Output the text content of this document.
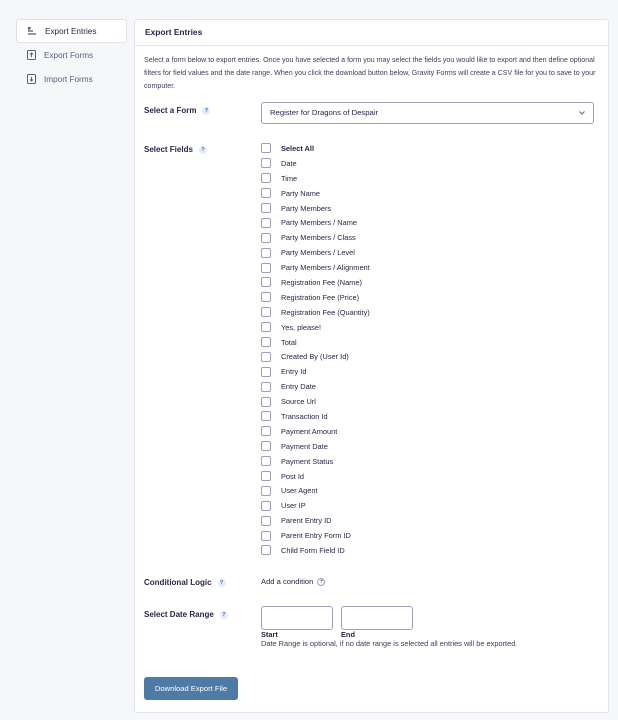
Export Entries
Export Forms
Import Forms
Export Entries
Select a form below to export entries. Once you have selected a form you may select the fields you would like to export and then define optional filters for field values and the date range. When you click the download button below, Gravity Forms will create a CSV file for you to save to your computer.
Select a Form	?	Register for Dragons of Despair
Select Fields	?	Select All
Date
Time
Party Name
Party Members
Party Members / Name
Party Members / Class
Party Members / Level
Party Members / Alignment
Registration Fee (Name)
Registration Fee (Price)
Registration Fee (Quantity)
Yes, please!
Total
Created By (User Id)
Entry Id
Entry Date
Source Url
Transaction Id
Payment Amount
Payment Date
Payment Status
Post Id
User Agent
User IP
Parent Entry ID
Parent Entry Form ID
Child Form Field ID
Conditional Logic	?	Add a condition +
Select Date Range	?
Start	End
Date Range is optional, if no date range is selected all entries will be exported.
Download Export File
